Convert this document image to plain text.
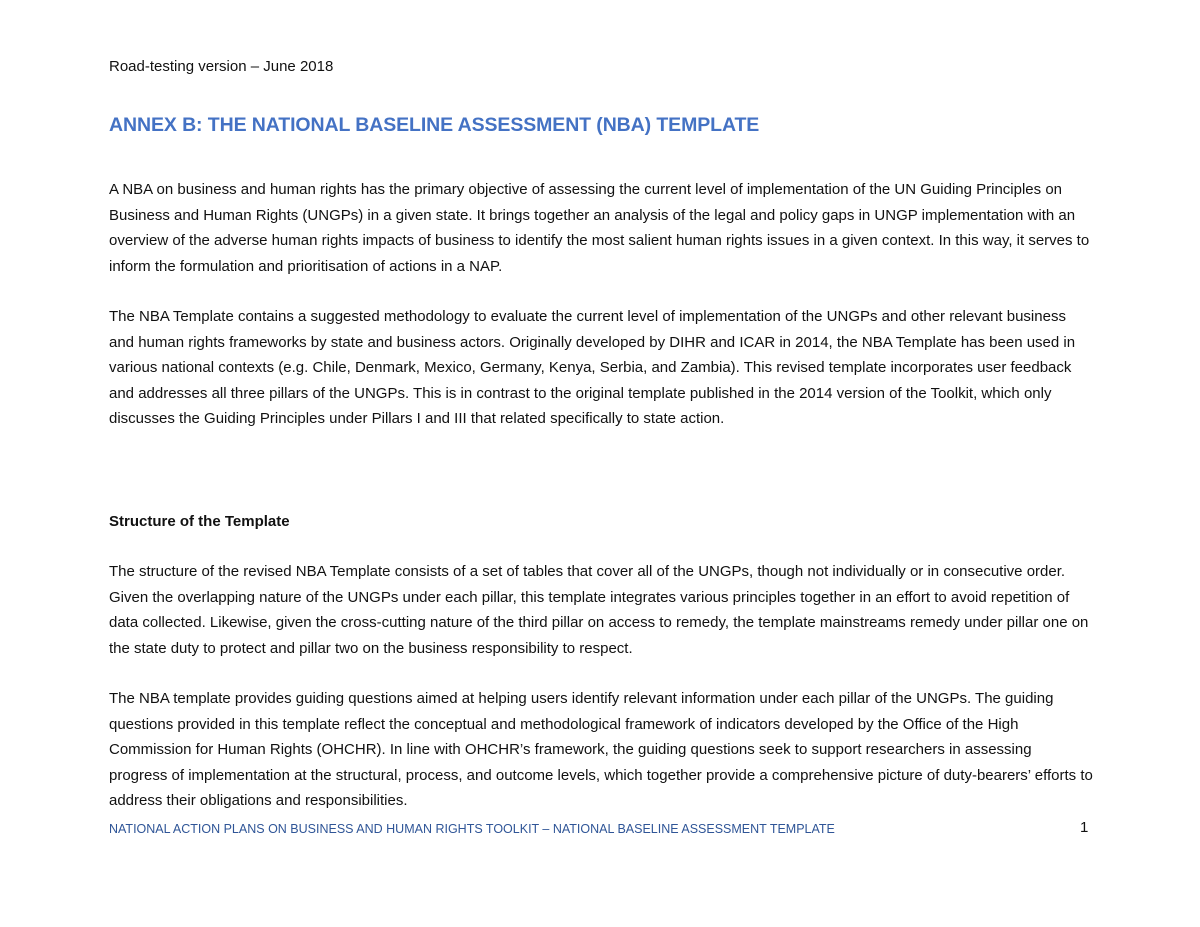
Road-testing version – June 2018
ANNEX B: THE NATIONAL BASELINE ASSESSMENT (NBA) TEMPLATE

A NBA on business and human rights has the primary objective of assessing the current level of implementation of the UN Guiding Principles on Business and Human Rights (UNGPs) in a given state. It brings together an analysis of the legal and policy gaps in UNGP implementation with an overview of the adverse human rights impacts of business to identify the most salient human rights issues in a given context. In this way, it serves to inform the formulation and prioritisation of actions in a NAP.

The NBA Template contains a suggested methodology to evaluate the current level of implementation of the UNGPs and other relevant business and human rights frameworks by state and business actors. Originally developed by DIHR and ICAR in 2014, the NBA Template has been used in various national contexts (e.g. Chile, Denmark, Mexico, Germany, Kenya, Serbia, and Zambia). This revised template incorporates user feedback and addresses all three pillars of the UNGPs. This is in contrast to the original template published in the 2014 version of the Toolkit, which only discusses the Guiding Principles under Pillars I and III that related specifically to state action.

Structure of the Template

The structure of the revised NBA Template consists of a set of tables that cover all of the UNGPs, though not individually or in consecutive order. Given the overlapping nature of the UNGPs under each pillar, this template integrates various principles together in an effort to avoid repetition of data collected. Likewise, given the cross-cutting nature of the third pillar on access to remedy, the template mainstreams remedy under pillar one on the state duty to protect and pillar two on the business responsibility to respect.

The NBA template provides guiding questions aimed at helping users identify relevant information under each pillar of the UNGPs. The guiding questions provided in this template reflect the conceptual and methodological framework of indicators developed by the Office of the High Commission for Human Rights (OHCHR). In line with OHCHR’s framework, the guiding questions seek to support researchers in assessing progress of implementation at the structural, process, and outcome levels, which together provide a comprehensive picture of duty-bearers’ efforts to address their obligations and responsibilities.

NATIONAL ACTION PLANS ON BUSINESS AND HUMAN RIGHTS TOOLKIT – NATIONAL BASELINE ASSESSMENT TEMPLATE	1
